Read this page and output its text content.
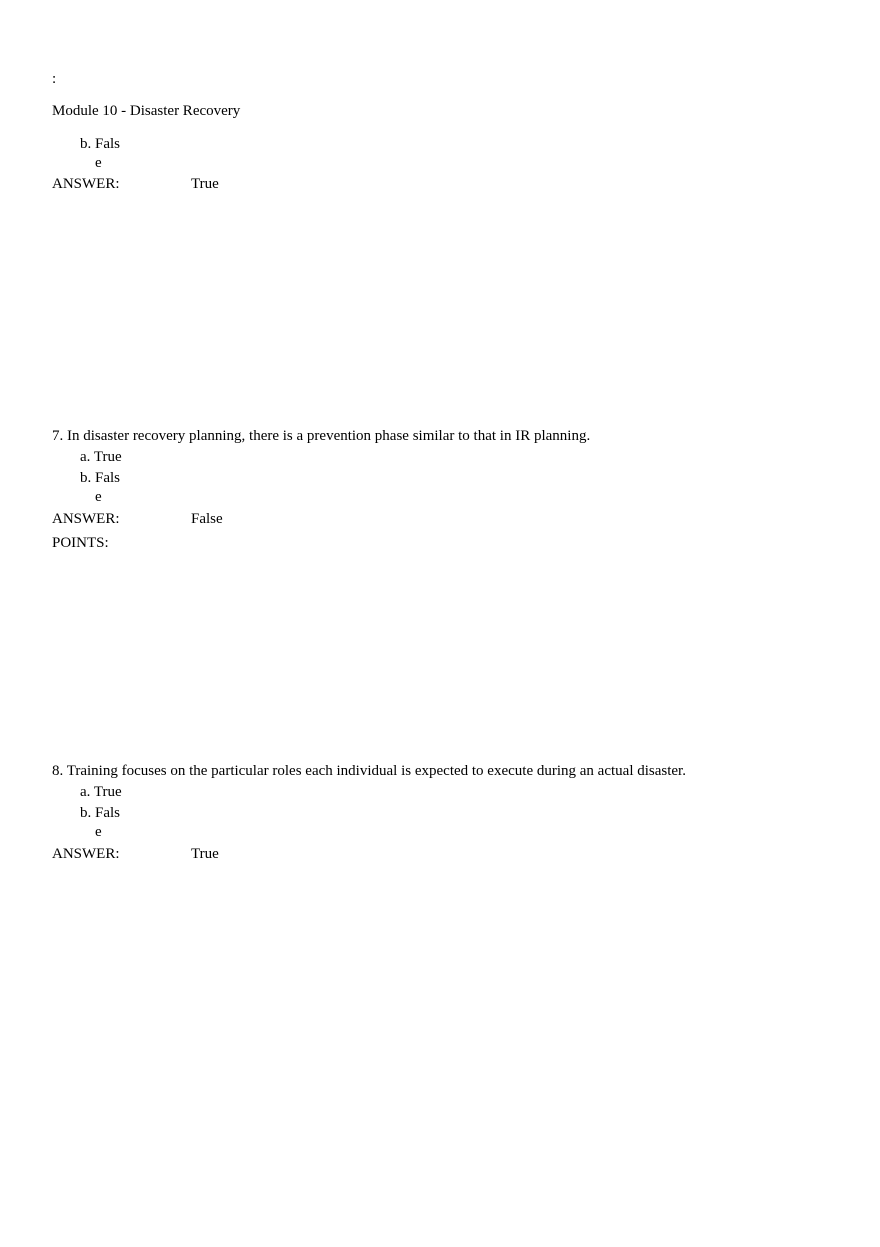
:
Module 10 - Disaster Recovery
b. Fals
e
ANSWER:	True
7. In disaster recovery planning, there is a prevention phase similar to that in IR planning.
a. True
b. Fals
e
ANSWER:	False
POINTS:
8. Training focuses on the particular roles each individual is expected to execute during an actual disaster.
a. True
b. Fals
e
ANSWER:	True
